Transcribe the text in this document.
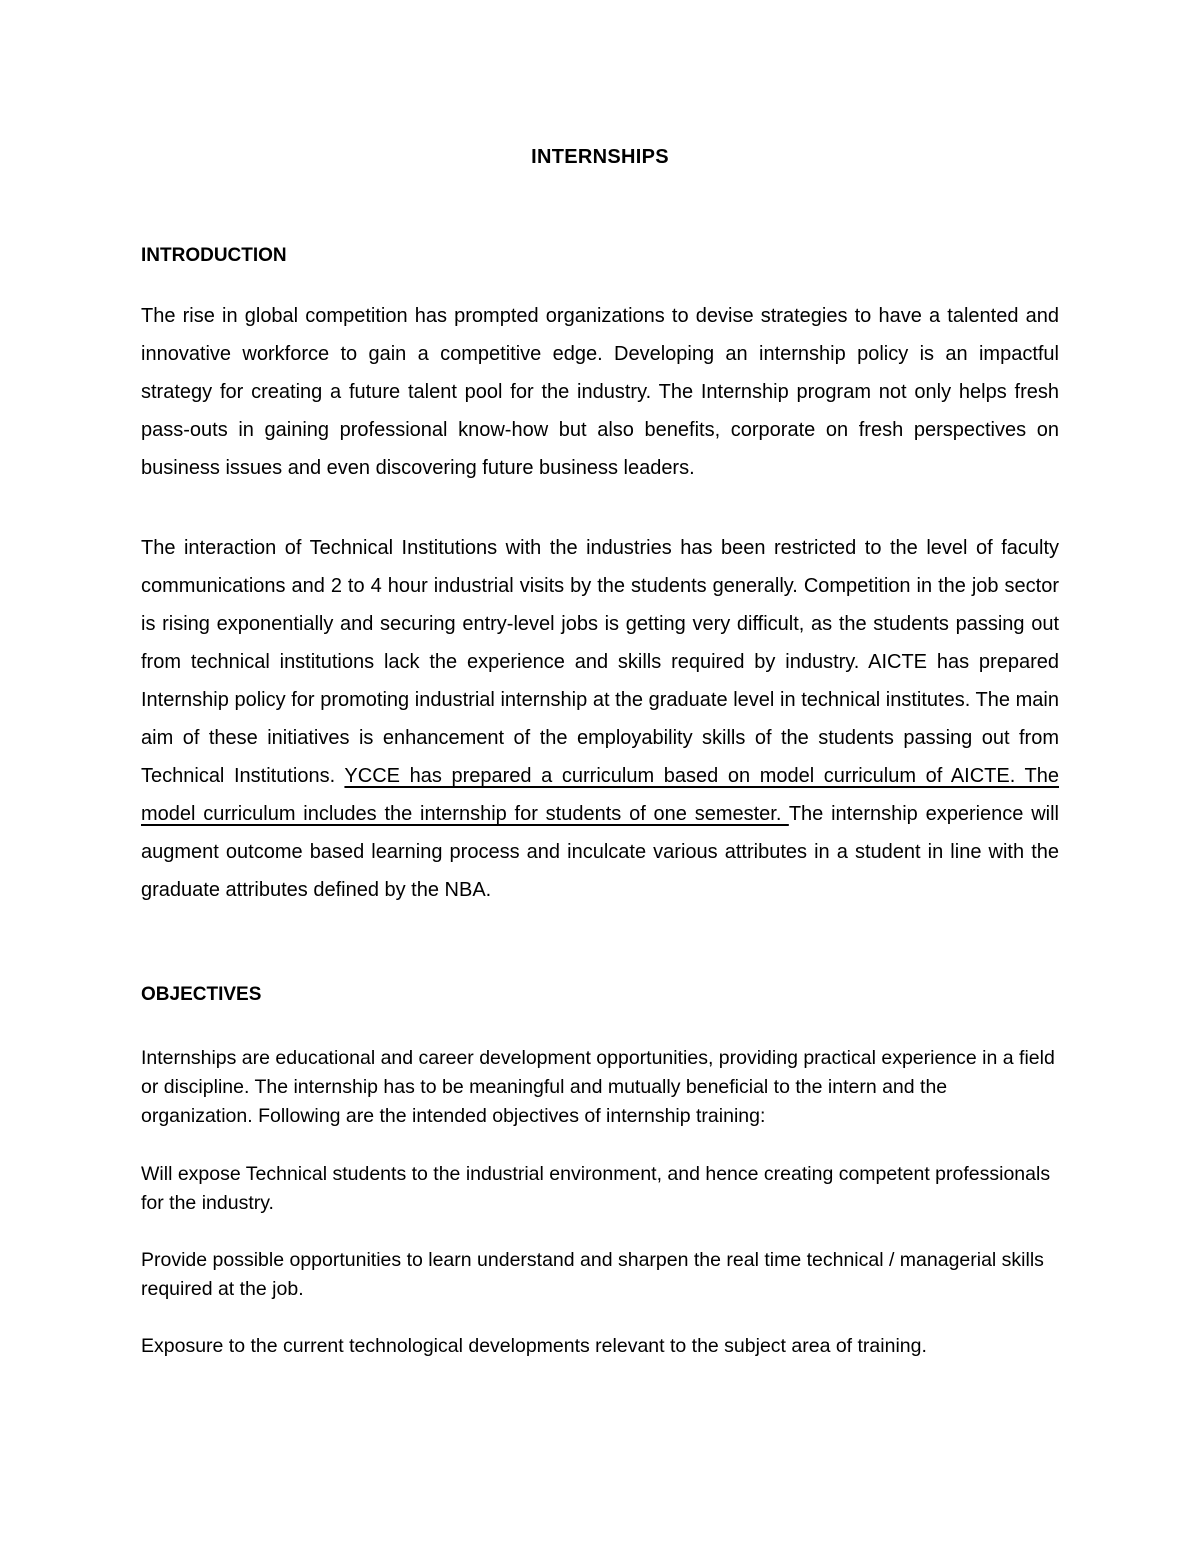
INTERNSHIPS
INTRODUCTION

The rise in global competition has prompted organizations to devise strategies to have a talented and innovative workforce to gain a competitive edge. Developing an internship policy is an impactful strategy for creating a future talent pool for the industry. The Internship program not only helps fresh pass-outs in gaining professional know-how but also benefits, corporate on fresh perspectives on business issues and even discovering future business leaders.

The interaction of Technical Institutions with the industries has been restricted to the level of faculty communications and 2 to 4 hour industrial visits by the students generally. Competition in the job sector is rising exponentially and securing entry-level jobs is getting very difficult, as the students passing out from technical institutions lack the experience and skills required by industry. AICTE has prepared Internship policy for promoting industrial internship at the graduate level in technical institutes. The main aim of these initiatives is enhancement of the employability skills of the students passing out from Technical Institutions. YCCE has prepared a curriculum based on model curriculum of AICTE. The model curriculum includes the internship for students of one semester. The internship experience will augment outcome based learning process and inculcate various attributes in a student in line with the graduate attributes defined by the NBA.

OBJECTIVES

Internships are educational and career development opportunities, providing practical experience in a field or discipline. The internship has to be meaningful and mutually beneficial to the intern and the organization. Following are the intended objectives of internship training:

Will expose Technical students to the industrial environment, and hence creating competent professionals for the industry.

Provide possible opportunities to learn understand and sharpen the real time technical / managerial skills required at the job.

Exposure to the current technological developments relevant to the subject area of training.
